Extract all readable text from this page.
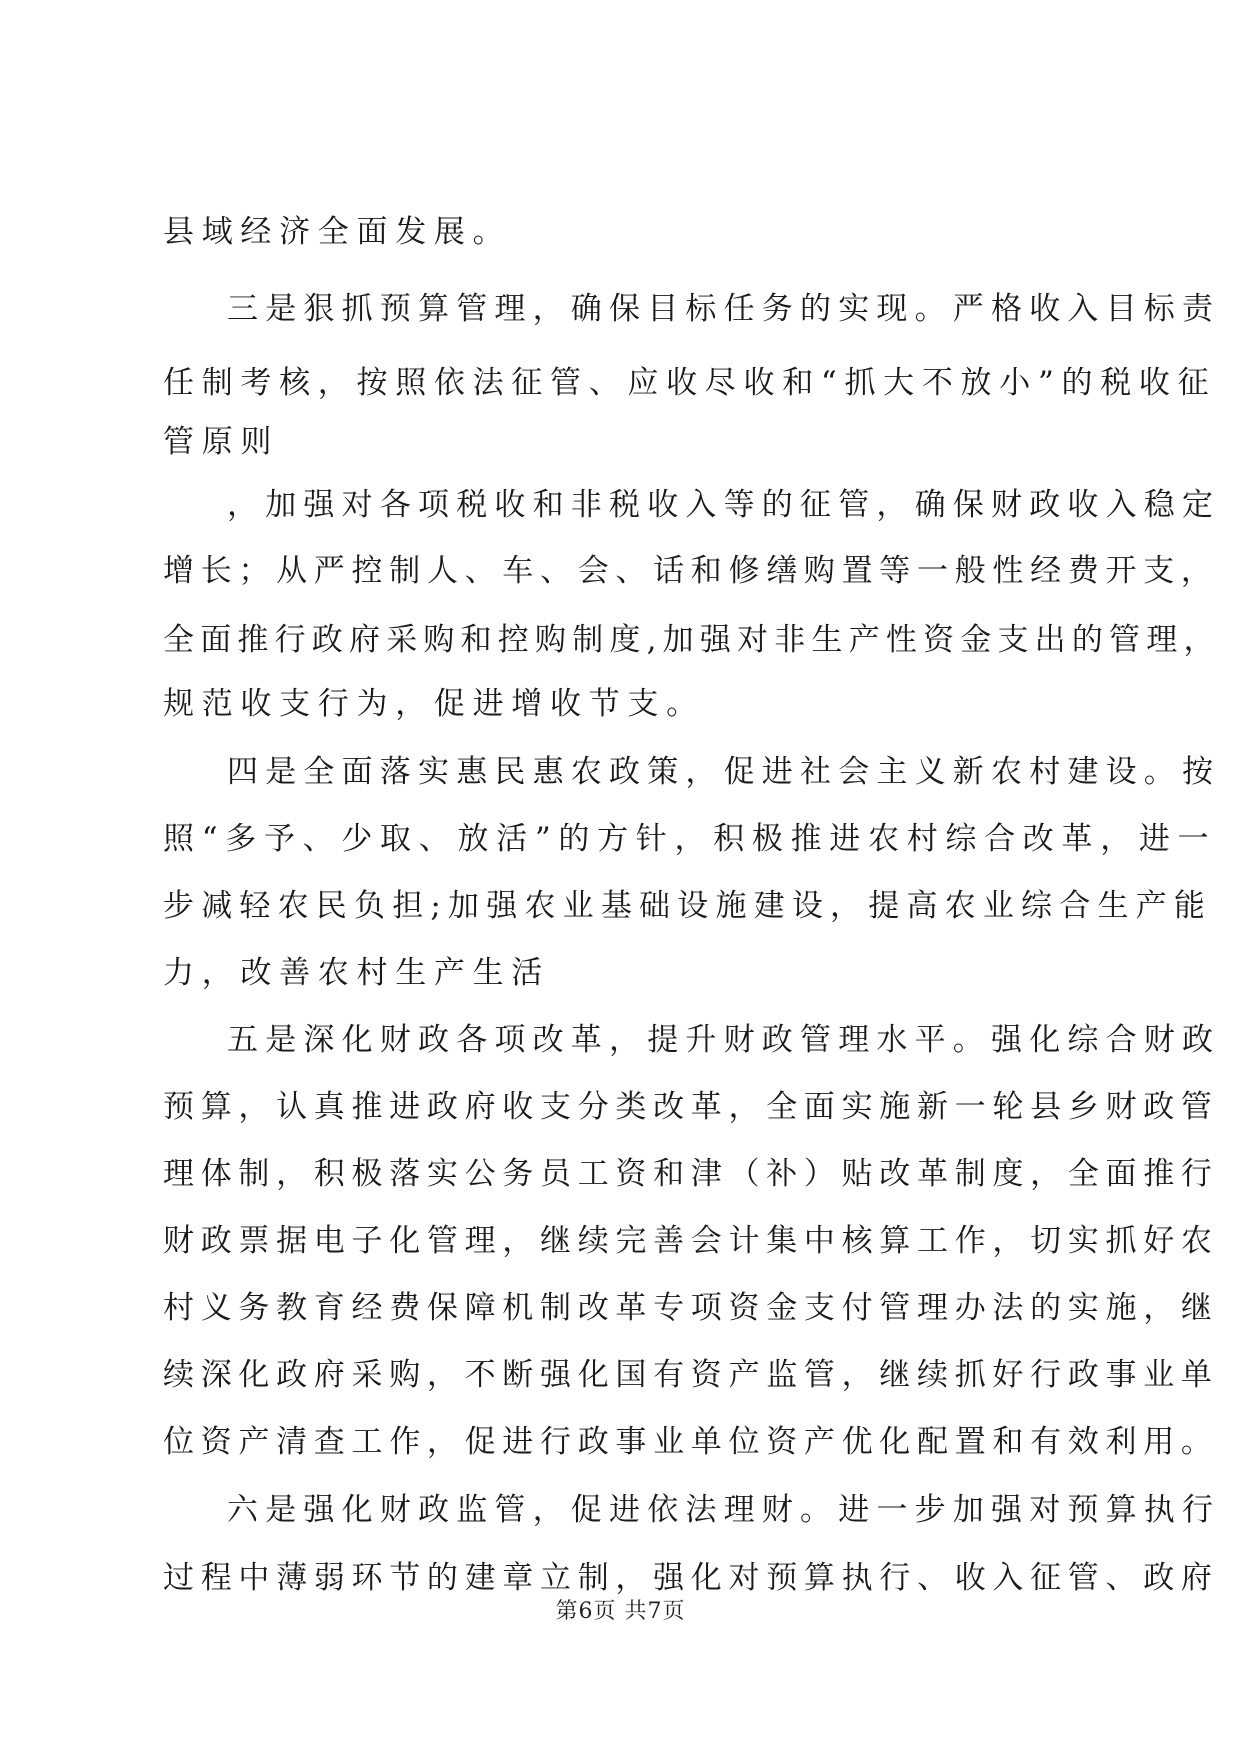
县域经济全面发展。
三是狠抓预算管理，确保目标任务的实现。严格收入目标责
任制考核，按照依法征管、应收尽收和“抓大不放小”的税收征
管原则
，加强对各项税收和非税收入等的征管，确保财政收入稳定
增长；从严控制人、车、会、话和修缮购置等一般性经费开支，
全面推行政府采购和控购制度,加强对非生产性资金支出的管理，
规范收支行为，促进增收节支。
四是全面落实惠民惠农政策，促进社会主义新农村建设。按
照“多予、少取、放活”的方针，积极推进农村综合改革，进一
步减轻农民负担;加强农业基础设施建设，提高农业综合生产能
力，改善农村生产生活
五是深化财政各项改革，提升财政管理水平。强化综合财政
预算，认真推进政府收支分类改革，全面实施新一轮县乡财政管
理体制，积极落实公务员工资和津（补）贴改革制度，全面推行
财政票据电子化管理，继续完善会计集中核算工作，切实抓好农
村义务教育经费保障机制改革专项资金支付管理办法的实施，继
续深化政府采购，不断强化国有资产监管，继续抓好行政事业单
位资产清查工作，促进行政事业单位资产优化配置和有效利用。
六是强化财政监管，促进依法理财。进一步加强对预算执行
过程中薄弱环节的建章立制，强化对预算执行、收入征管、政府
第6页 共7页
